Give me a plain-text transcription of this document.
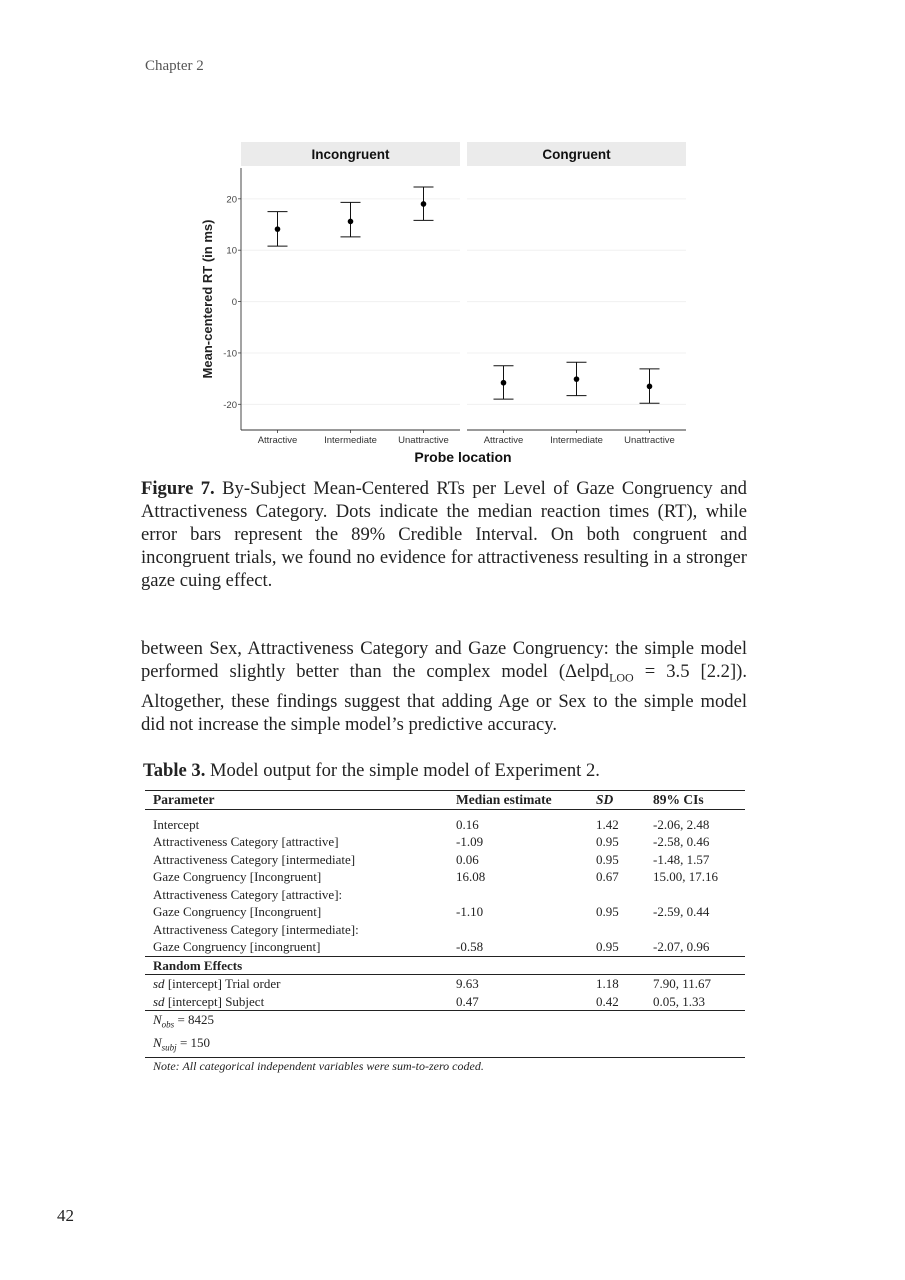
Chapter 2
Mean-centered RT (in ms)
-20
-10
0
10
20
Incongruent
Attractive	Intermediate Unattractive
Congruent
Attractive	Intermediate Unattractive
Probe location
Figure 7. By-Subject Mean-Centered RTs per Level of Gaze Congruency and Attractiveness Category. Dots indicate the median reaction times (RT), while error bars represent the 89% Credible Interval. On both congruent and incongruent trials, we found no evidence for attractiveness resulting in a stronger gaze cuing effect.
between Sex, Attractiveness Category and Gaze Congruency: the simple model performed slightly better than the complex model (Δelpd$_{LOO}$ = 3.5 [2.2]). Altogether, these findings suggest that adding Age or Sex to the simple model did not increase the simple model’s predictive accuracy.
Table 3. Model output for the simple model of Experiment 2.
Parameter	Median estimate	SD	89% CIs

Intercept	0.16	1.42	-2.06, 2.48
Attractiveness Category [attractive]	-1.09	0.95	-2.58, 0.46
Attractiveness Category [intermediate]	0.06	0.95	-1.48, 1.57
Gaze Congruency [Incongruent]	16.08	0.67	15.00, 17.16
Attractiveness Category [attractive]:			
Gaze Congruency [Incongruent]	-1.10	0.95	-2.59, 0.44
Attractiveness Category [intermediate]:			
Gaze Congruency [incongruent]	-0.58	0.95	-2.07, 0.96
Random Effects			
sd [intercept] Trial order	9.63	1.18	7.90, 11.67
sd [intercept] Subject	0.47	0.42	0.05, 1.33
$N_{obs} = 8425$			
$N_{subj} = 150$			
Note: All categorical independent variables were sum-to-zero coded.			
42
